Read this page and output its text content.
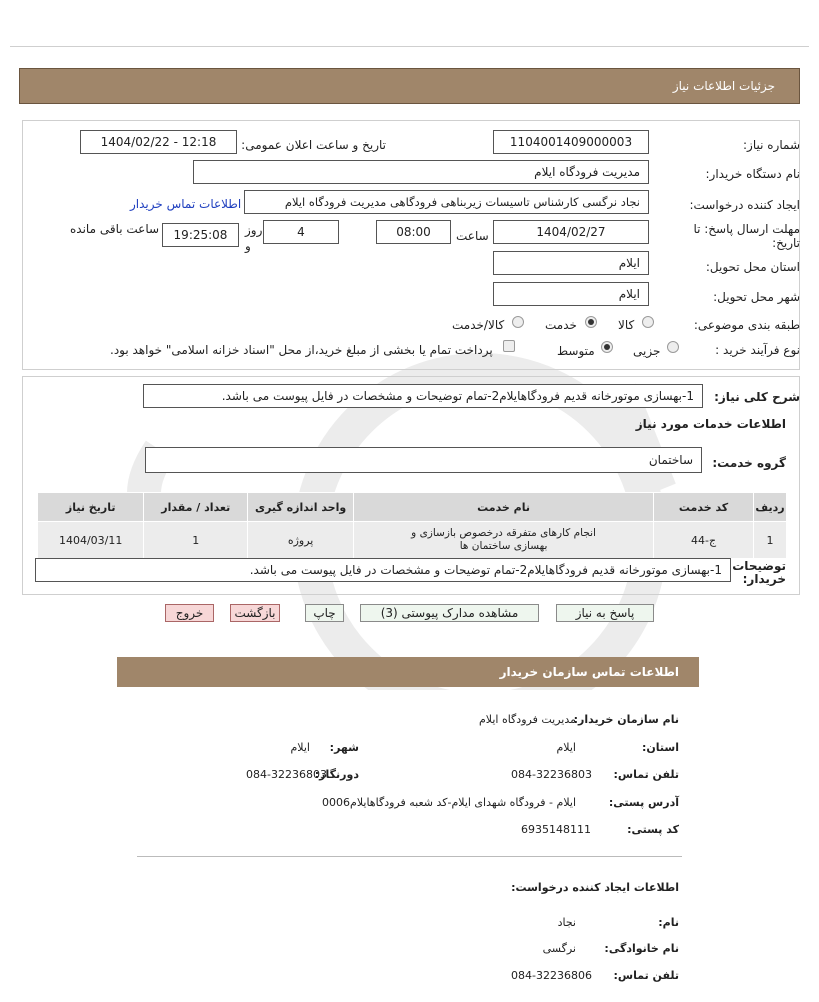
جزئیات اطلاعات نیاز
شماره نیاز:
1104001409000003
تاریخ و ساعت اعلان عمومی:
1404/02/22 - 12:18
نام دستگاه خریدار:
مدیریت فرودگاه ایلام
ایجاد کننده درخواست:
نجاد نرگسی کارشناس تاسیسات زیربناهی فرودگاهی مدیریت فرودگاه ایلام
اطلاعات تماس خریدار
مهلت ارسال پاسخ: تا تاریخ:
1404/02/27
ساعت
08:00
4
روز و
19:25:08
ساعت باقی مانده
استان محل تحویل:
ایلام
شهر محل تحویل:
ایلام
طبقه بندی موضوعی:
کالا
خدمت
کالا/خدمت
نوع فرآیند خرید :
جزیی
متوسط
پرداخت تمام یا بخشی از مبلغ خرید،از محل "اسناد خزانه اسلامی" خواهد بود.
شرح کلی نیاز:
1-بهسازی موتورخانه قدیم فرودگاهایلام2-تمام توضیحات و مشخصات در فایل پیوست می باشد.
اطلاعات خدمات مورد نیاز
گروه خدمت:
ساختمان
ردیف	کد خدمت	نام خدمت	واحد اندازه گیری	تعداد / مقدار	تاریخ نیاز
1	ج-44	انجام کارهای متفرقه درخصوص بازسازی و بهسازی ساختمان ها	پروژه	1	1404/03/11
توضیحات خریدار:
1-بهسازی موتورخانه قدیم فرودگاهایلام2-تمام توضیحات و مشخصات در فایل پیوست می باشد.
پاسخ به نیاز
مشاهده مدارک پیوستی (3)
چاپ
بازگشت
خروج
اطلاعات تماس سازمان خریدار
نام سازمان خریدار:
مدیریت فرودگاه ایلام
استان:
ایلام
شهر:
ایلام
تلفن تماس:
084-32236803
دورنگار:
084-32236803
آدرس پستی:
ایلام - فرودگاه شهدای ایلام-کد شعبه فرودگاهایلام0006
کد پستی:
6935148111
اطلاعات ایجاد کننده درخواست:
نام:
نجاد
نام خانوادگی:
نرگسی
تلفن تماس:
084-32236806
